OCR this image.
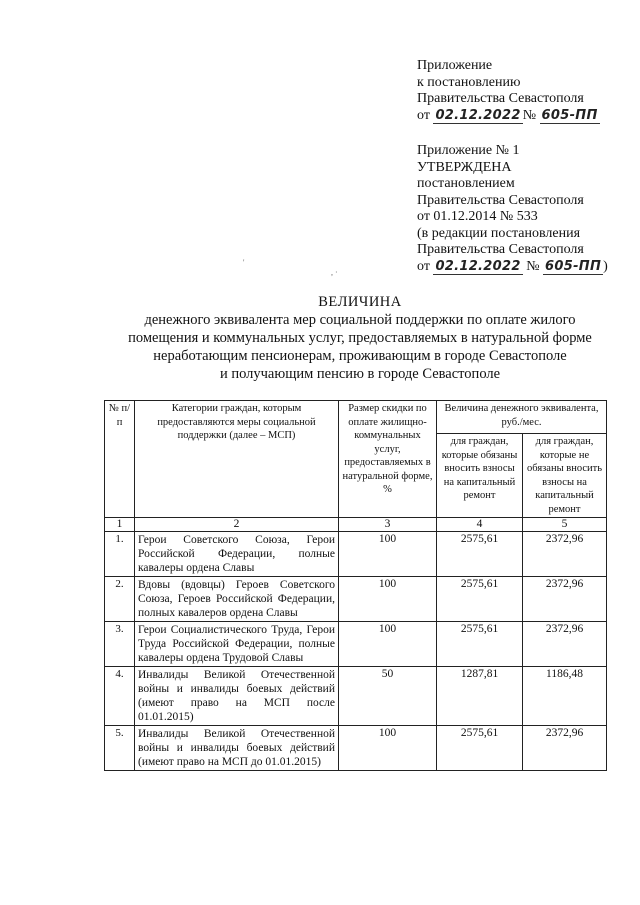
Приложение
к постановлению
Правительства Севастополя
от 02.12.2022 № 605-ПП
Приложение № 1
УТВЕРЖДЕНА
постановлением
Правительства Севастополя
от 01.12.2014 № 533
(в редакции постановления
Правительства Севастополя
от 02.12.2022 № 605-ПП )
'
, ·
ВЕЛИЧИНА
денежного эквивалента мер социальной поддержки по оплате жилого
помещения и коммунальных услуг, предоставляемых в натуральной форме
неработающим пенсионерам, проживающим в городе Севастополе
и получающим пенсию в городе Севастополе
№ п/п	Категории граждан, которым предоставляются меры социальной поддержки (далее – МСП)	Размер скидки по оплате жилищно-коммунальных услуг, предоставляемых в натуральной форме, %	Величина денежного эквивалента, руб./мес.	
			для граждан, которые обязаны вносить взносы на капитальный ремонт	для граждан, которые не обязаны вносить взносы на капитальный ремонт
1	2	3	4	5
1.	Герои Советского Союза, Герои Российской Федерации, полные кавалеры ордена Славы	100	2575,61	2372,96
2.	Вдовы (вдовцы) Героев Советского Союза, Героев Российской Федерации, полных кавалеров ордена Славы	100	2575,61	2372,96
3.	Герои Социалистического Труда, Герои Труда Российской Федерации, полные кавалеры ордена Трудовой Славы	100	2575,61	2372,96
4.	Инвалиды Великой Отечественной войны и инвалиды боевых действий (имеют право на МСП после 01.01.2015)	50	1287,81	1186,48
5.	Инвалиды Великой Отечественной войны и инвалиды боевых действий (имеют право на МСП до 01.01.2015)	100	2575,61	2372,96
